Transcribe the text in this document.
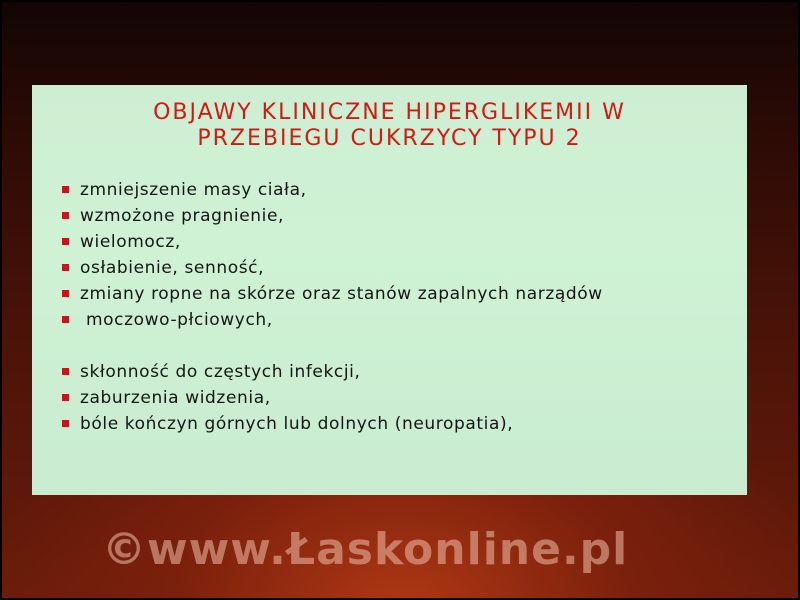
OBJAWY KLINICZNE HIPERGLIKEMII W
PRZEBIEGU CUKRZYCY TYPU 2
zmniejszenie masy ciała,
wzmożone pragnienie,
wielomocz,
osłabienie, senność,
zmiany ropne na skórze oraz stanów zapalnych narządów
moczowo-płciowych,
skłonność do częstych infekcji,
zaburzenia widzenia,
bóle kończyn górnych lub dolnych (neuropatia),
©www.Łaskonline.pl
